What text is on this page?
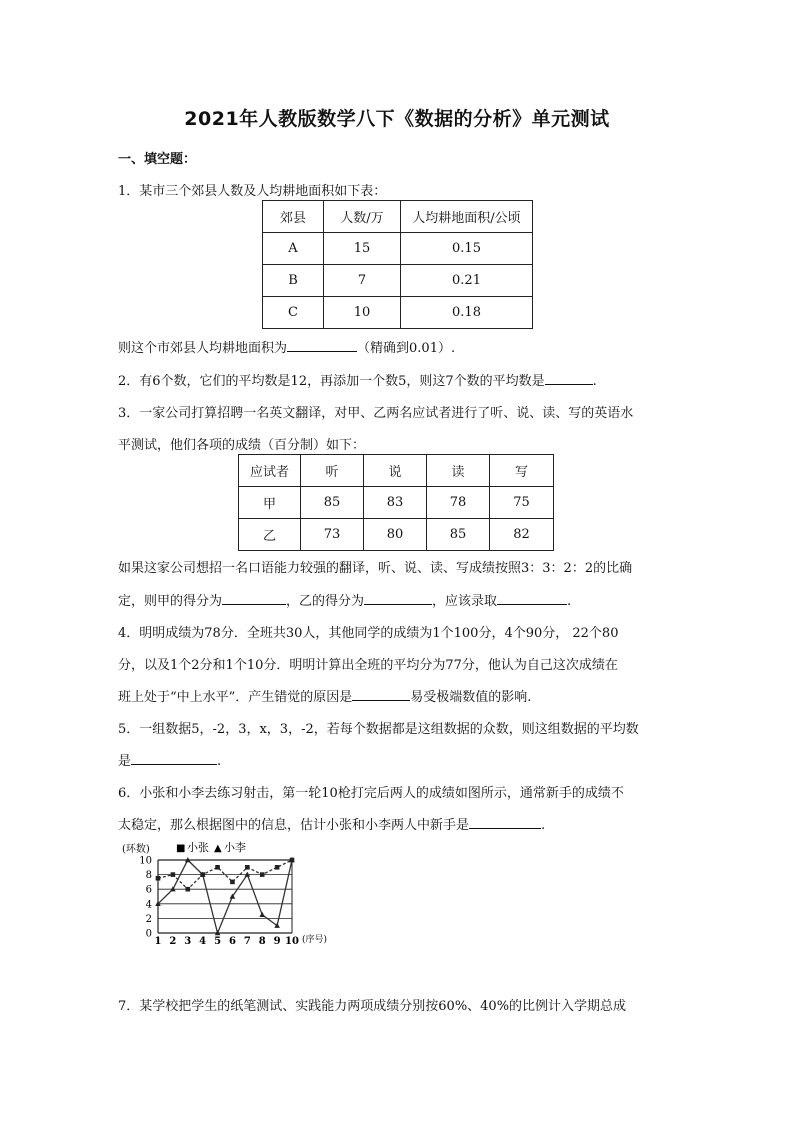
2021年人教版数学八下《数据的分析》单元测试
一、填空题：
1．某市三个郊县人数及人均耕地面积如下表：
郊县	人数/万	人均耕地面积/公顷
A	15	0.15
B	7	0.21
C	10	0.18
则这个市郊县人均耕地面积为	（精确到0.01）.
2．有6个数，它们的平均数是12，再添加一个数5，则这7个数的平均数是	.
3．一家公司打算招聘一名英文翻译，对甲、乙两名应试者进行了听、说、读、写的英语水
平测试，他们各项的成绩（百分制）如下：
应试者	听	说	读	写
甲	85	83	78	75
乙	73	80	85	82
如果这家公司想招一名口语能力较强的翻译，听、说、读、写成绩按照3：3：2：2的比确
定，则甲的得分为	，乙的得分为	，应该录取	.
4．明明成绩为78分．全班共30人，其他同学的成绩为1个100分，4个90分， 22个80
分，以及1个2分和1个10分．明明计算出全班的平均分为77分，他认为自己这次成绩在
班上处于“中上水平”．产生错觉的原因是	易受极端数值的影响.
5．一组数据5，-2，3，x，3，-2，若每个数据都是这组数据的众数，则这组数据的平均数
是	.
6．小张和小李去练习射击，第一轮10枪打完后两人的成绩如图所示，通常新手的成绩不
太稳定，那么根据图中的信息，估计小张和小李两人中新手是	.
(环数)	■ 小张 ▲ 小李
0
2
4
6
8
10
1 2 3 4 5 6 7 8 9 10 (序号)
7．某学校把学生的纸笔测试、实践能力两项成绩分别按60%、40%的比例计入学期总成
